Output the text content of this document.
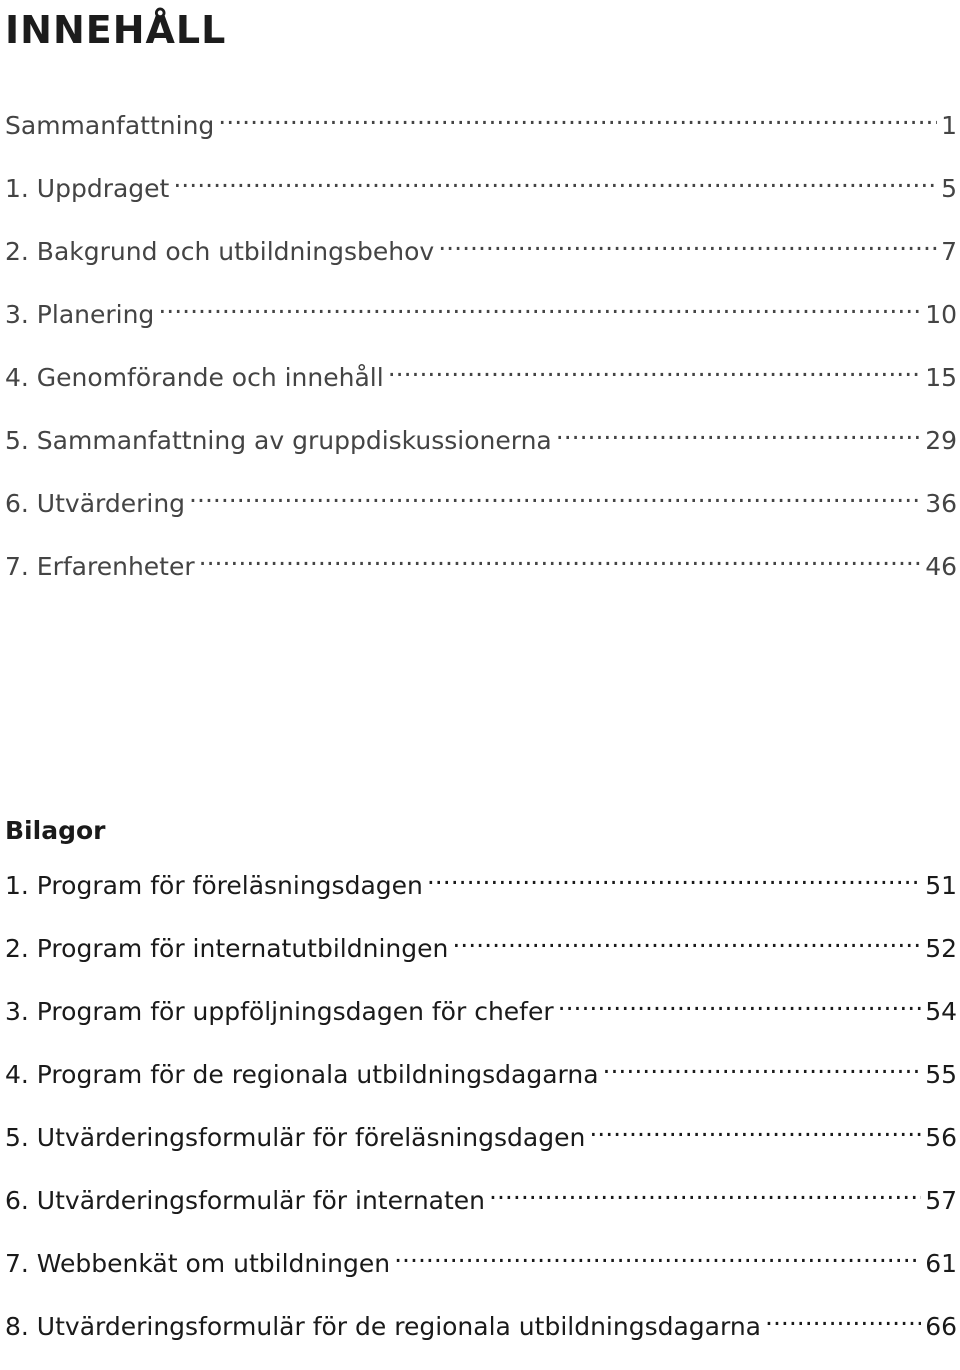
INNEHÅLL
Sammanfattning .....	1
1. Uppdraget .....	5
2. Bakgrund och utbildningsbehov .....	7
3. Planering .....	10
4. Genomförande och innehåll .....	15
5. Sammanfattning av gruppdiskussionerna .....	29
6. Utvärdering .....	36
7. Erfarenheter .....	46
Bilagor
1. Program för föreläsningsdagen .....	51
2. Program för internatutbildningen .....	52
3. Program för uppföljningsdagen för chefer .....	54
4. Program för de regionala utbildningsdagarna .....	55
5. Utvärderingsformulär för föreläsningsdagen .....	56
6. Utvärderingsformulär för internaten .....	57
7. Webbenkät om utbildningen .....	61
8. Utvärderingsformulär för de regionala utbildningsdagarna .....	66
